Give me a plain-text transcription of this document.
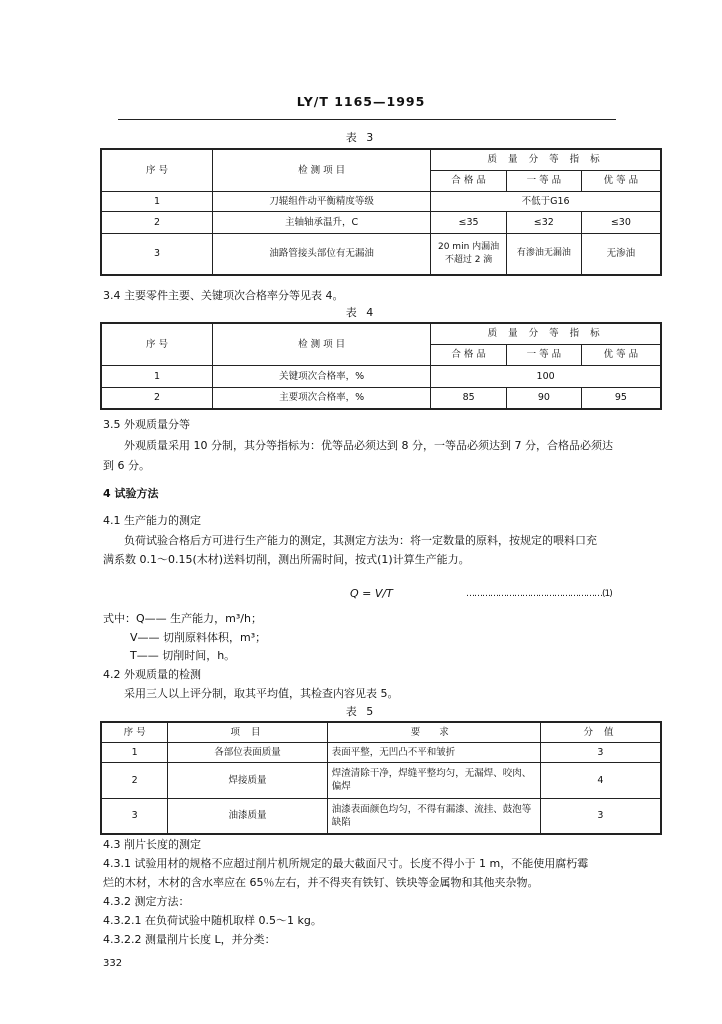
LY/T 1165—1995
表 3
序 号	检 测 项 目	质 量 分 等 指 标		
		合 格 品	一 等 品	优 等 品
1	刀辊组件动平衡精度等级	不低于G16		
2	主轴轴承温升，C	≤35	≤32	≤30
3	油路管接头部位有无漏油	20 min 内漏油 不超过 2 滴	有渗油无漏油	无渗油
3.4 主要零件主要、关键项次合格率分等见表 4。
表 4
序 号	检 测 项 目	质 量 分 等 指 标		
		合 格 品	一 等 品	优 等 品
1	关键项次合格率，%	100		
2	主要项次合格率，%	85	90	95
3.5 外观质量分等
外观质量采用 10 分制，其分等指标为：优等品必须达到 8 分，一等品必须达到 7 分，合格品必须达
到 6 分。
4 试验方法
4.1 生产能力的测定
负荷试验合格后方可进行生产能力的测定，其测定方法为：将一定数量的原料，按规定的喂料口充
满系数 0.1～0.15(木材)送料切削，测出所需时间，按式(1)计算生产能力。
Q = V/T	……………………………………………(1)
式中：Q—— 生产能力，m³/h；
V—— 切削原料体积，m³；
T—— 切削时间，h。
4.2 外观质量的检测
采用三人以上评分制，取其平均值，其检查内容见表 5。
表 5
序 号	项 目	要 求	分 值
1	各部位表面质量	表面平整，无凹凸不平和皱折	3
2	焊接质量	焊渣清除干净，焊缝平整均匀，无漏焊、咬肉、偏焊	4
3	油漆质量	油漆表面颜色均匀，不得有漏漆、流挂、鼓泡等缺陷	3
4.3 削片长度的测定
4.3.1 试验用材的规格不应超过削片机所规定的最大截面尺寸。长度不得小于 1 m，不能使用腐朽霉
烂的木材，木材的含水率应在 65％左右，并不得夹有铁钉、铁块等金属物和其他夹杂物。
4.3.2 测定方法：
4.3.2.1 在负荷试验中随机取样 0.5～1 kg。
4.3.2.2 测量削片长度 L，并分类：
332
